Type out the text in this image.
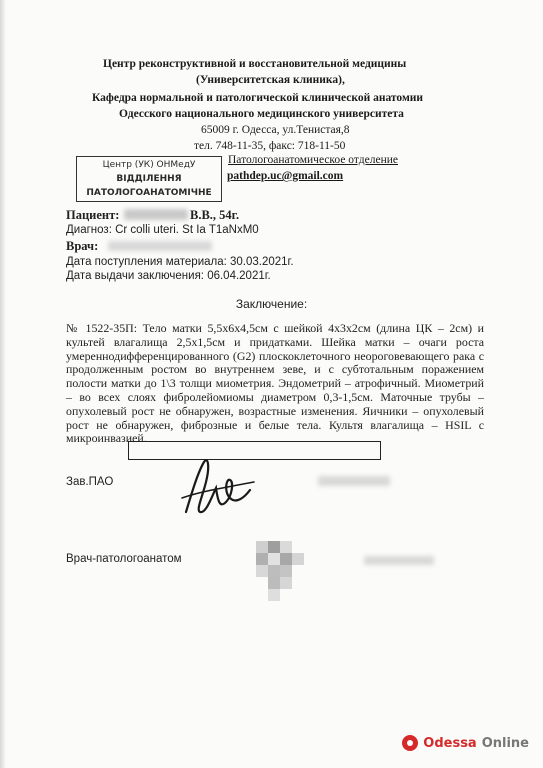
Центр реконструктивной и восстановительной медицины
(Университетская клиника),
Кафедра нормальной и патологической клинической анатомии
Одесского национального медицинского университета
65009 г. Одесса, ул.Тенистая,8
тел. 748-11-35, факс: 718-11-50
Патологоанатомическое отделение
pathdep.uc@gmail.com
Центр (УК) ОНМедУ
ВІДДІЛЕННЯ
ПАТОЛОГОАНАТОМІЧНЕ
Пациент:	В.В., 54г.
Диагноз: Cr colli uteri. St Ia T1aNxM0
Врач:
Дата поступления материала: 30.03.2021г.
Дата выдачи заключения: 06.04.2021г.
Заключение:
№ 1522-35П: Тело матки 5,5х6х4,5см с шейкой 4х3х2см (длина ЦК – 2см) и культей влагалища 2,5х1,5см и придатками. Шейка матки – очаги роста умереннодифференцированного (G2) плоскоклеточного неороговевающего рака с продолженным ростом во внутреннем зеве, и с субтотальным поражением полости матки до 1\3 толщи миометрия. Эндометрий – атрофичный. Миометрий – во всех слоях фибролейомиомы диаметром 0,3-1,5см. Маточные трубы – опухолевый рост не обнаружен, возрастные изменения. Яичники – опухолевый рост не обнаружен, фиброзные и белые тела. Культя влагалища – HSIL с микроинвазией.
Зав.ПАО
Врач-патологоанатом
Odessa Online
